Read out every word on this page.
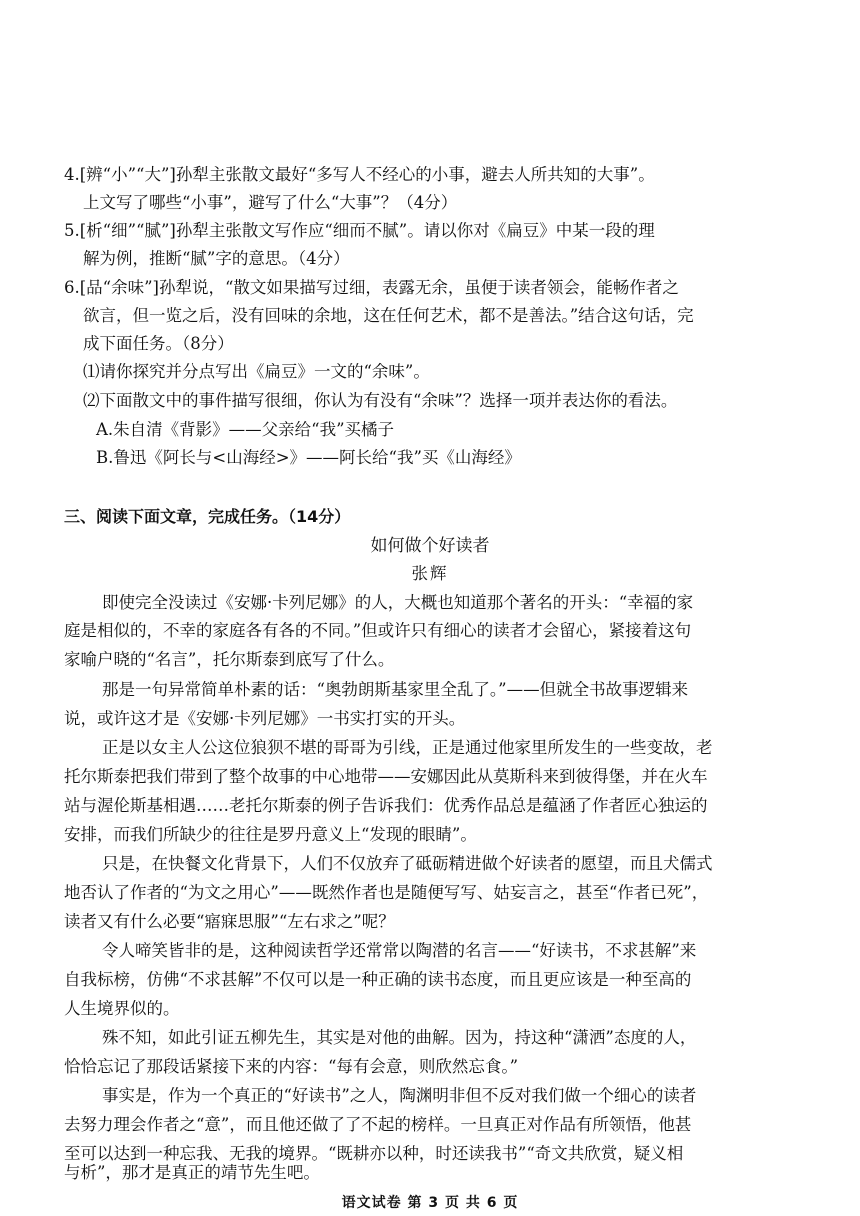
4.[辨“小”“大”]孙犁主张散文最好“多写人不经心的小事，避去人所共知的大事”。
上文写了哪些“小事”，避写了什么“大事”？（4分）
5.[析“细”“腻”]孙犁主张散文写作应“细而不腻”。请以你对《扁豆》中某一段的理
解为例，推断“腻”字的意思。（4分）
6.[品“余味”]孙犁说，“散文如果描写过细，表露无余，虽便于读者领会，能畅作者之
欲言，但一览之后，没有回味的余地，这在任何艺术，都不是善法。”结合这句话，完
成下面任务。（8分）
⑴请你探究并分点写出《扁豆》一文的“余味”。
⑵下面散文中的事件描写很细，你认为有没有“余味”？选择一项并表达你的看法。
A.朱自清《背影》——父亲给“我”买橘子
B.鲁迅《阿长与<山海经>》——阿长给“我”买《山海经》
三、阅读下面文章，完成任务。（14分）
如何做个好读者
张辉
即使完全没读过《安娜·卡列尼娜》的人，大概也知道那个著名的开头：“幸福的家
庭是相似的，不幸的家庭各有各的不同。”但或许只有细心的读者才会留心，紧接着这句
家喻户晓的“名言”，托尔斯泰到底写了什么。
那是一句异常简单朴素的话：“奥勃朗斯基家里全乱了。”——但就全书故事逻辑来
说，或许这才是《安娜·卡列尼娜》一书实打实的开头。
正是以女主人公这位狼狈不堪的哥哥为引线，正是通过他家里所发生的一些变故，老
托尔斯泰把我们带到了整个故事的中心地带——安娜因此从莫斯科来到彼得堡，并在火车
站与渥伦斯基相遇……老托尔斯泰的例子告诉我们：优秀作品总是蕴涵了作者匠心独运的
安排，而我们所缺少的往往是罗丹意义上“发现的眼睛”。
只是，在快餐文化背景下，人们不仅放弃了砥砺精进做个好读者的愿望，而且犬儒式
地否认了作者的“为文之用心”——既然作者也是随便写写、姑妄言之，甚至“作者已死”，
读者又有什么必要“寤寐思服”“左右求之”呢？
令人啼笑皆非的是，这种阅读哲学还常常以陶潜的名言——“好读书，不求甚解”来
自我标榜，仿佛“不求甚解”不仅可以是一种正确的读书态度，而且更应该是一种至高的
人生境界似的。
殊不知，如此引证五柳先生，其实是对他的曲解。因为，持这种“潇洒”态度的人，
恰恰忘记了那段话紧接下来的内容：“每有会意，则欣然忘食。”
事实是，作为一个真正的“好读书”之人，陶渊明非但不反对我们做一个细心的读者
去努力理会作者之“意”，而且他还做了了不起的榜样。一旦真正对作品有所领悟，他甚
至可以达到一种忘我、无我的境界。“既耕亦以种，时还读我书”“奇文共欣赏，疑义相
与析”，那才是真正的靖节先生吧。
语文试卷 第 3 页 共 6 页
